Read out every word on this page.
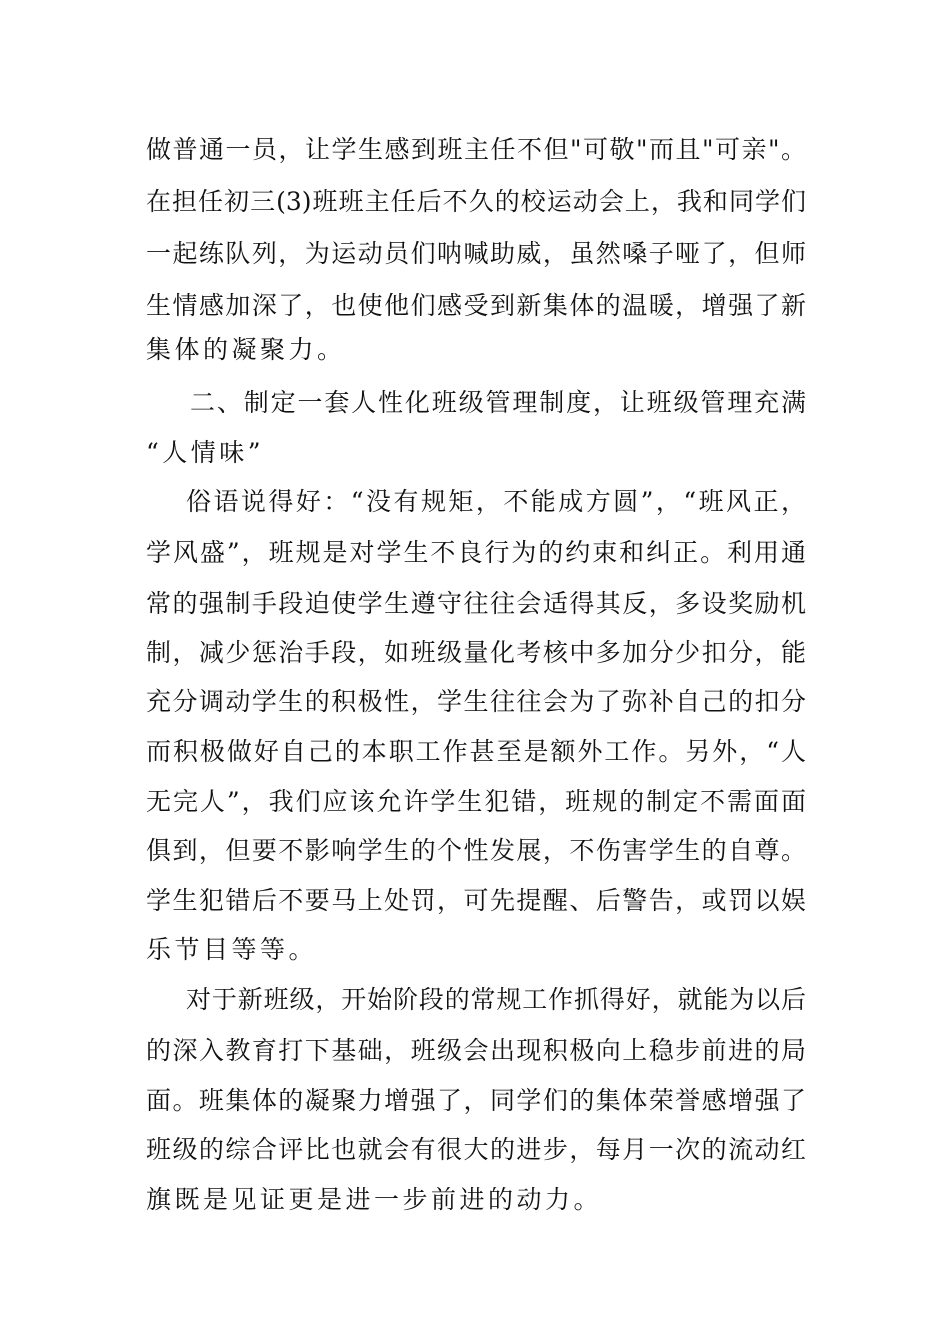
做普通一员，让学生感到班主任不但"可敬"而且"可亲"。
在担任初三(3)班班主任后不久的校运动会上，我和同学们
一起练队列，为运动员们呐喊助威，虽然嗓子哑了，但师
生情感加深了，也使他们感受到新集体的温暖，增强了新
集体的凝聚力。
二、制定一套人性化班级管理制度，让班级管理充满
“人情味”
俗语说得好：“没有规矩，不能成方圆”，“班风正，
学风盛”，班规是对学生不良行为的约束和纠正。利用通
常的强制手段迫使学生遵守往往会适得其反，多设奖励机
制，减少惩治手段，如班级量化考核中多加分少扣分，能
充分调动学生的积极性，学生往往会为了弥补自己的扣分
而积极做好自己的本职工作甚至是额外工作。另外，“人
无完人”，我们应该允许学生犯错，班规的制定不需面面
俱到，但要不影响学生的个性发展，不伤害学生的自尊。
学生犯错后不要马上处罚，可先提醒、后警告，或罚以娱
乐节目等等。
对于新班级，开始阶段的常规工作抓得好，就能为以后
的深入教育打下基础，班级会出现积极向上稳步前进的局
面。班集体的凝聚力增强了，同学们的集体荣誉感增强了
班级的综合评比也就会有很大的进步，每月一次的流动红
旗既是见证更是进一步前进的动力。
